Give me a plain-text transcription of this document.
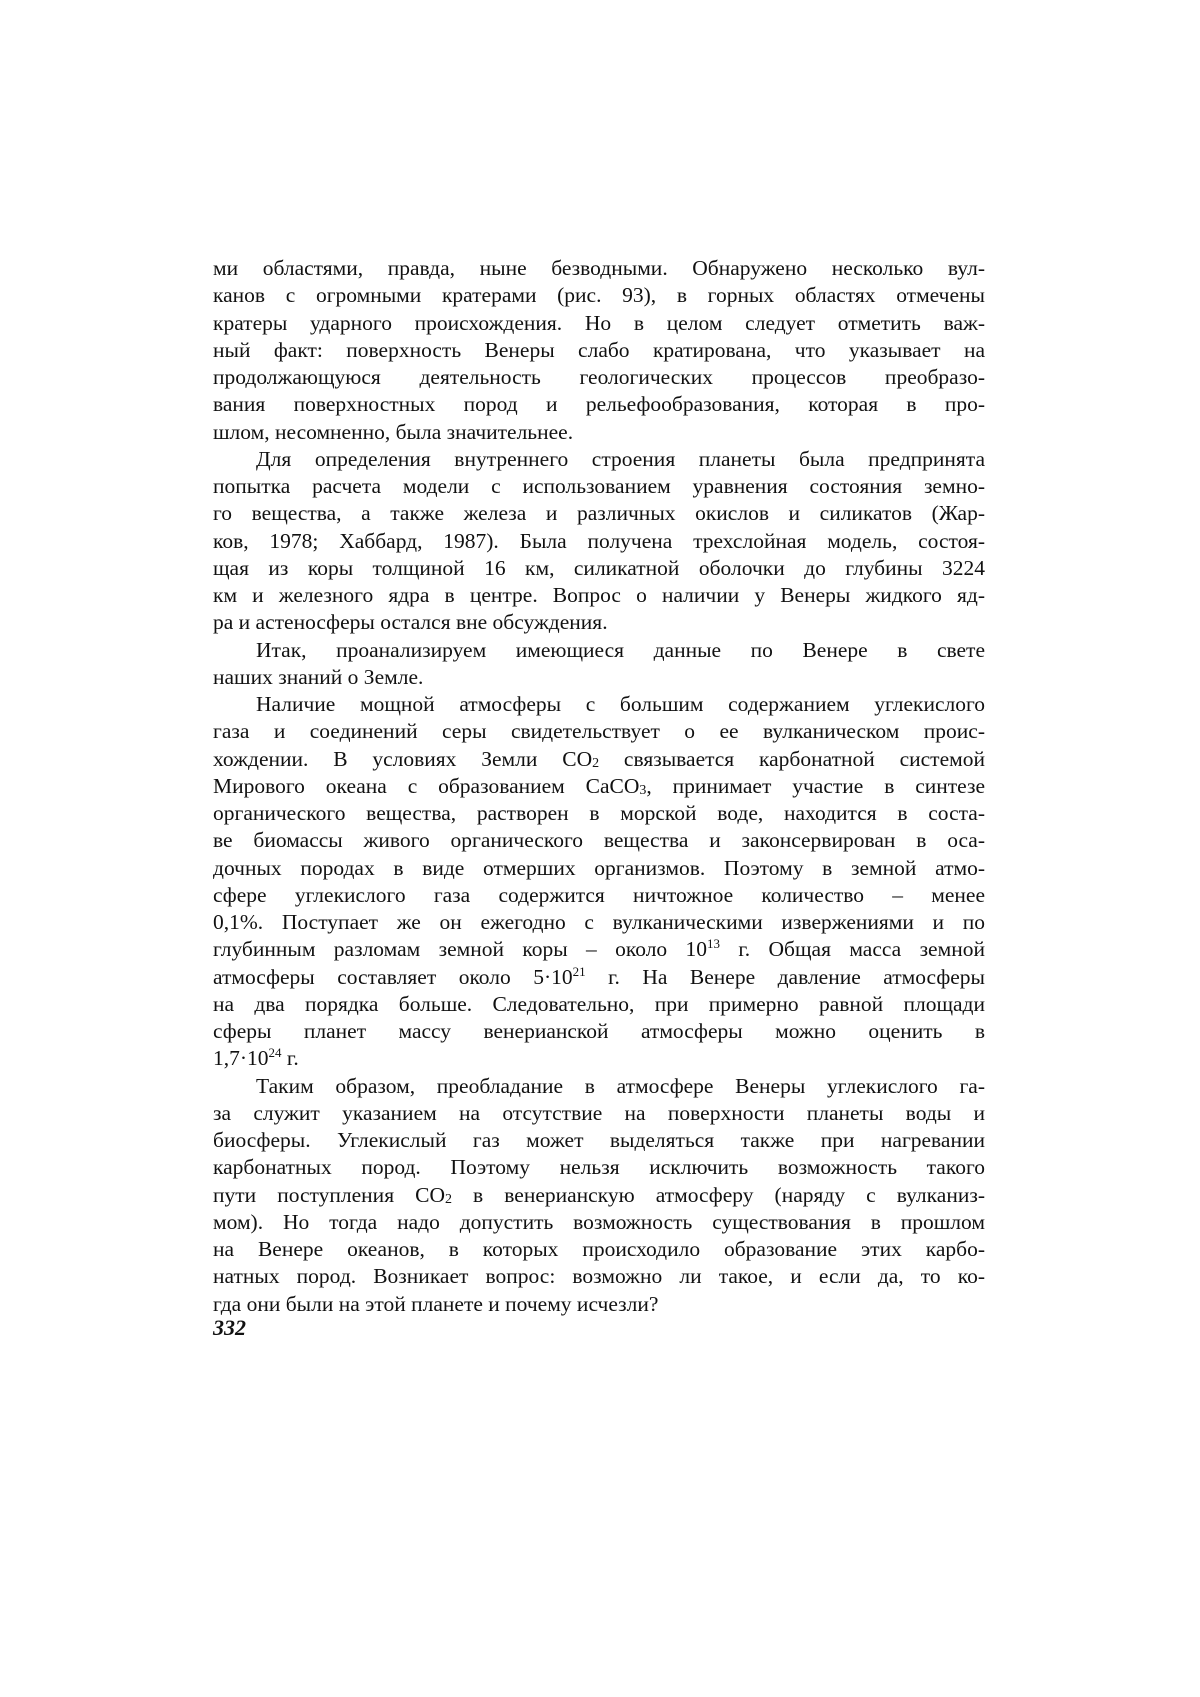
ми областями, правда, ныне безводными. Обнаружено несколько вул-
канов с огромными кратерами (рис. 93), в горных областях отмечены
кратеры ударного происхождения. Но в целом следует отметить важ-
ный факт: поверхность Венеры слабо кратирована, что указывает на
продолжающуюся деятельность геологических процессов преобразо-
вания поверхностных пород и рельефообразования, которая в про-
шлом, несомненно, была значительнее.
Для определения внутреннего строения планеты была предпринята
попытка расчета модели с использованием уравнения состояния земно-
го вещества, а также железа и различных окислов и силикатов (Жар-
ков, 1978; Хаббард, 1987). Была получена трехслойная модель, состоя-
щая из коры толщиной 16 км, силикатной оболочки до глубины 3224
км и железного ядра в центре. Вопрос о наличии у Венеры жидкого яд-
ра и астеносферы остался вне обсуждения.
Итак, проанализируем имеющиеся данные по Венере в свете
наших знаний о Земле.
Наличие мощной атмосферы с большим содержанием углекислого
газа и соединений серы свидетельствует о ее вулканическом проис-
хождении. В условиях Земли СО2 связывается карбонатной системой
Мирового океана с образованием СаСО3, принимает участие в синтезе
органического вещества, растворен в морской воде, находится в соста-
ве биомассы живого органического вещества и законсервирован в оса-
дочных породах в виде отмерших организмов. Поэтому в земной атмо-
сфере углекислого газа содержится ничтожное количество – менее
0,1%. Поступает же он ежегодно с вулканическими извержениями и по
глубинным разломам земной коры – около 1013 г. Общая масса земной
атмосферы составляет около 5·1021 г. На Венере давление атмосферы
на два порядка больше. Следовательно, при примерно равной площади
сферы планет массу венерианской атмосферы можно оценить в
1,7·1024 г.
Таким образом, преобладание в атмосфере Венеры углекислого га-
за служит указанием на отсутствие на поверхности планеты воды и
биосферы. Углекислый газ может выделяться также при нагревании
карбонатных пород. Поэтому нельзя исключить возможность такого
пути поступления СО2 в венерианскую атмосферу (наряду с вулканиз-
мом). Но тогда надо допустить возможность существования в прошлом
на Венере океанов, в которых происходило образование этих карбо-
натных пород. Возникает вопрос: возможно ли такое, и если да, то ко-
гда они были на этой планете и почему исчезли?
332
